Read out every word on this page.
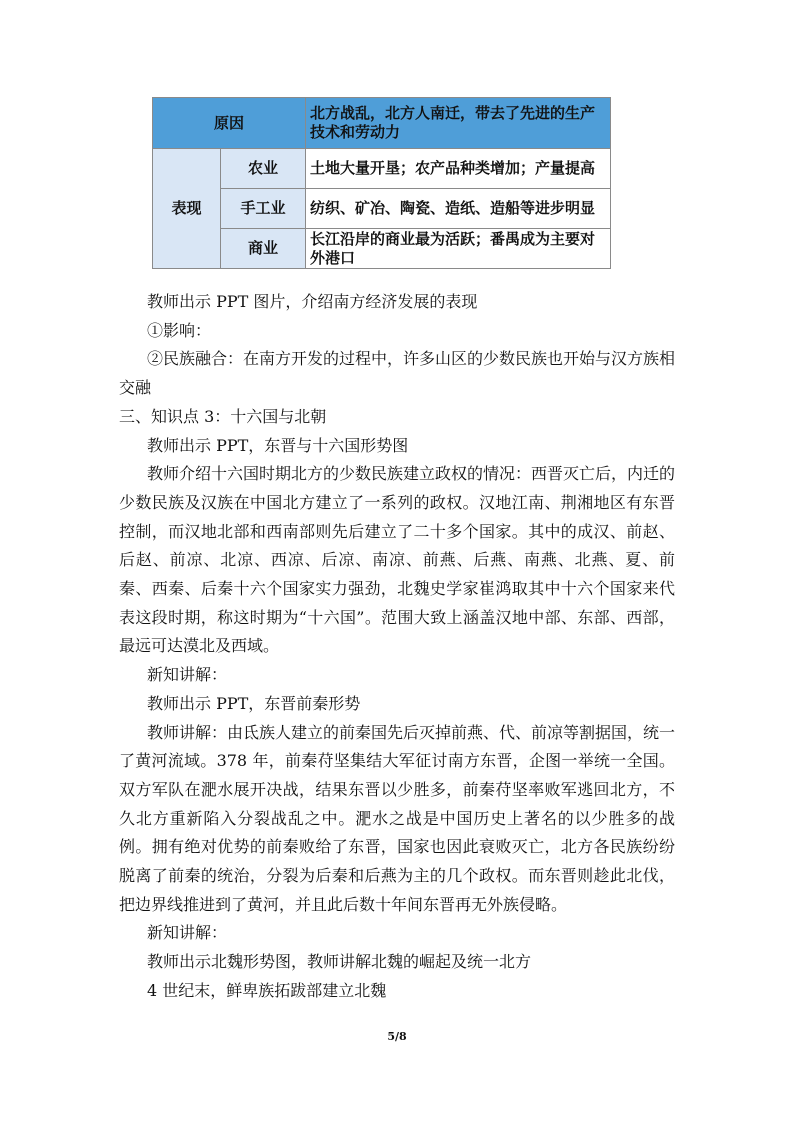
原因		北方战乱，北方人南迁，带去了先进的生产技术和劳动力
表现	农业	土地大量开垦；农产品种类增加；产量提高
	手工业	纺织、矿冶、陶瓷、造纸、造船等进步明显
	商业	长江沿岸的商业最为活跃；番禺成为主要对外港口

教师出示 PPT 图片，介绍南方经济发展的表现

①影响：

②民族融合：在南方开发的过程中，许多山区的少数民族也开始与汉方族相交融

三、知识点 3：十六国与北朝

教师出示 PPT，东晋与十六国形势图

教师介绍十六国时期北方的少数民族建立政权的情况：西晋灭亡后，内迁的少数民族及汉族在中国北方建立了一系列的政权。汉地江南、荆湘地区有东晋控制，而汉地北部和西南部则先后建立了二十多个国家。其中的成汉、前赵、后赵、前凉、北凉、西凉、后凉、南凉、前燕、后燕、南燕、北燕、夏、前秦、西秦、后秦十六个国家实力强劲，北魏史学家崔鸿取其中十六个国家来代表这段时期，称这时期为“十六国”。范围大致上涵盖汉地中部、东部、西部，最远可达漠北及西域。

新知讲解：

教师出示 PPT，东晋前秦形势

教师讲解：由氐族人建立的前秦国先后灭掉前燕、代、前凉等割据国，统一了黄河流域。378 年，前秦苻坚集结大军征讨南方东晋，企图一举统一全国。双方军队在淝水展开决战，结果东晋以少胜多，前秦苻坚率败军逃回北方，不久北方重新陷入分裂战乱之中。淝水之战是中国历史上著名的以少胜多的战例。拥有绝对优势的前秦败给了东晋，国家也因此衰败灭亡，北方各民族纷纷脱离了前秦的统治，分裂为后秦和后燕为主的几个政权。而东晋则趁此北伐，把边界线推进到了黄河，并且此后数十年间东晋再无外族侵略。

新知讲解：

教师出示北魏形势图，教师讲解北魏的崛起及统一北方

4 世纪末，鲜卑族拓跋部建立北魏

5/8
